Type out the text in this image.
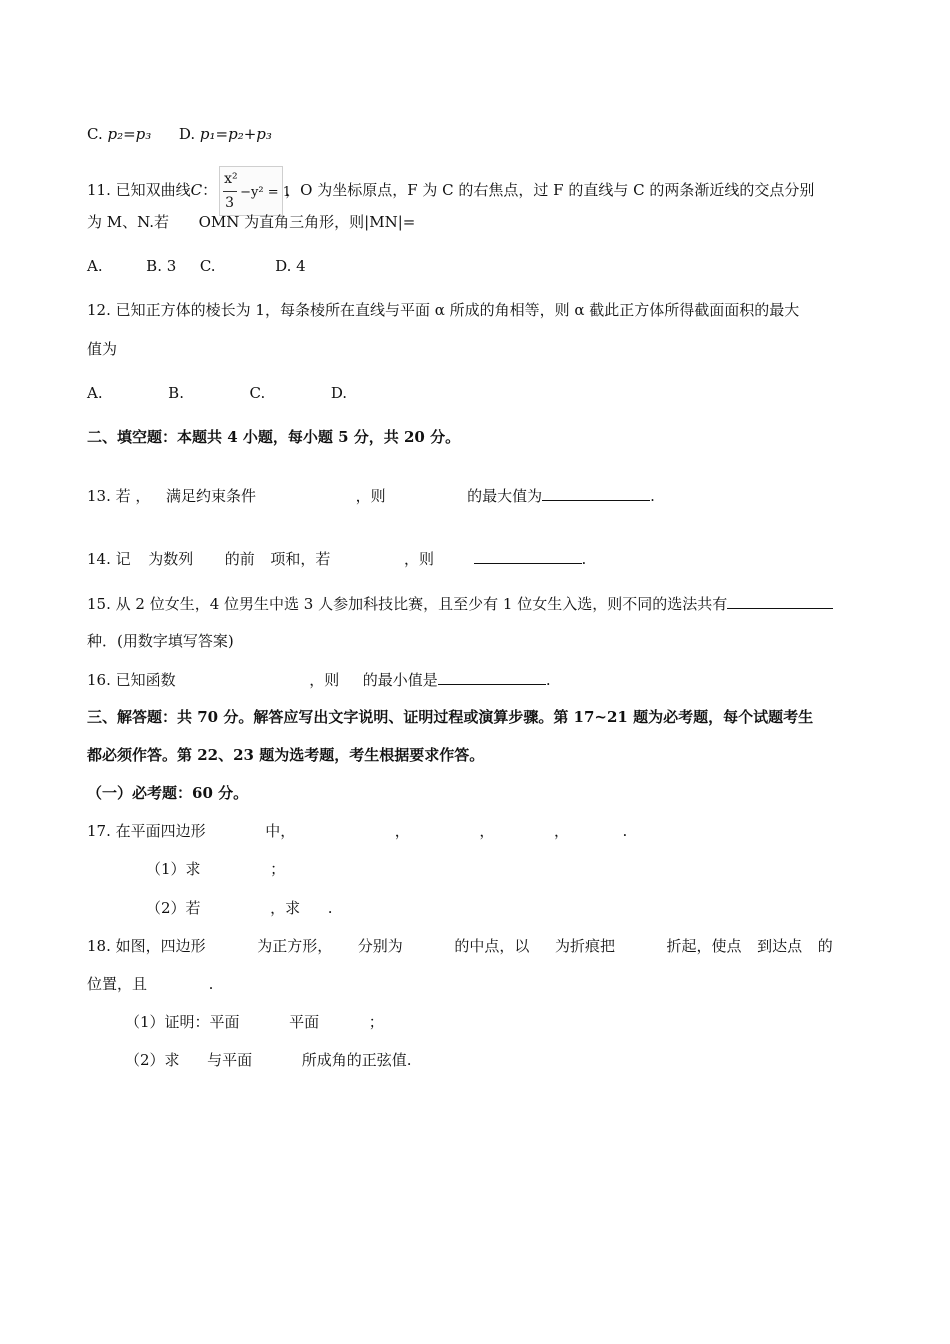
C. p₂=p₃ D. p₁=p₂+p₃
11. 已知双曲线C：
x²
3
−y² = 1
，O 为坐标原点，F 为 C 的右焦点，过 F 的直线与 C 的两条渐近线的交点分别
为 M、N.若 OMN 为直角三角形，则|MN|=
A.	B. 3 C.	D. 4
12. 已知正方体的棱长为 1，每条棱所在直线与平面 α 所成的角相等，则 α 截此正方体所得截面面积的最大
值为
A.	B.	C.	D.
二、填空题：本题共 4 小题，每小题 5 分，共 20 分。
13. 若 ， 满足约束条件	，则	的最大值为	.
14. 记 为数列 的前 项和，若	，则	.
15. 从 2 位女生，4 位男生中选 3 人参加科技比赛，且至少有 1 位女生入选，则不同的选法共有
种．(用数字填写答案)
16. 已知函数	，则 的最小值是	.
三、解答题：共 70 分。解答应写出文字说明、证明过程或演算步骤。第 17~21 题为必考题，每个试题考生
都必须作答。第 22、23 题为选考题，考生根据要求作答。
（一）必考题：60 分。
17. 在平面四边形	中，	，	，	，	.
（1）求	；
（2）若	，求 .
18. 如图，四边形	为正方形， 分别为	的中点，以 为折痕把	折起，使点 到达点 的
位置，且	.
（1）证明：平面	平面	；
（2）求 与平面	所成角的正弦值.
